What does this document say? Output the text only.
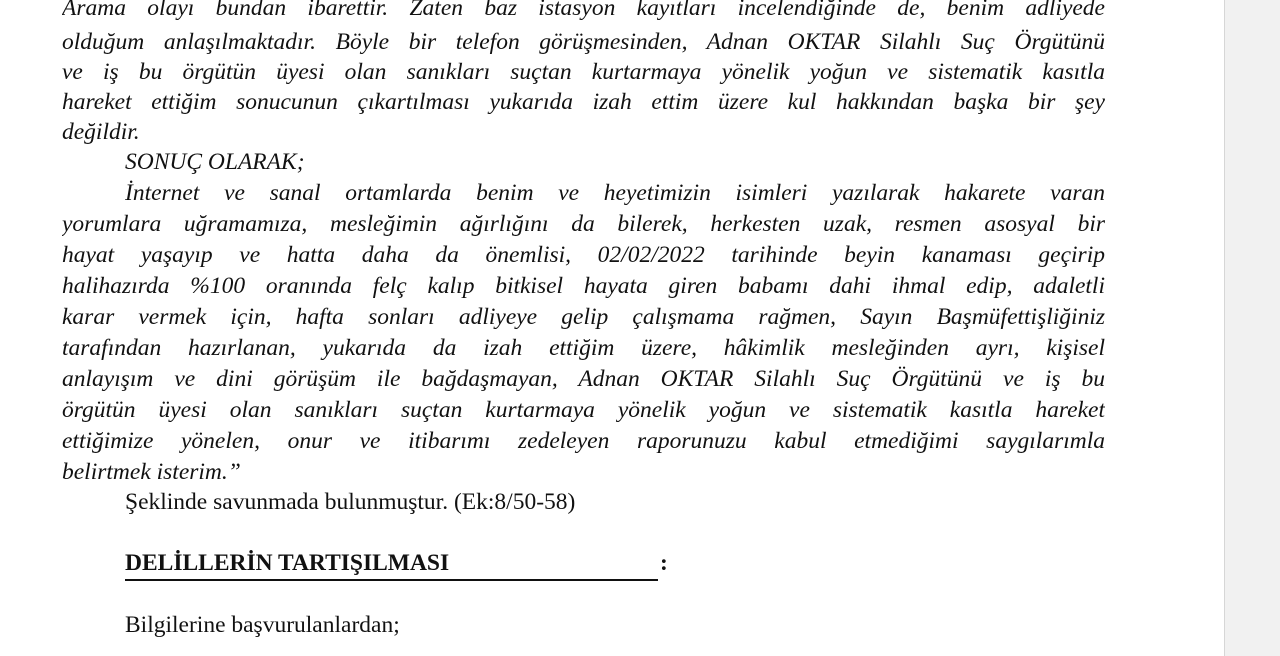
Arama olayı bundan ibarettir. Zaten baz istasyon kayıtları incelendiğinde de, benim adliyede
olduğum anlaşılmaktadır. Böyle bir telefon görüşmesinden, Adnan OKTAR Silahlı Suç Örgütünü
ve iş bu örgütün üyesi olan sanıkları suçtan kurtarmaya yönelik yoğun ve sistematik kasıtla
hareket ettiğim sonucunun çıkartılması yukarıda izah ettim üzere kul hakkından başka bir şey
değildir.
SONUÇ OLARAK;
İnternet ve sanal ortamlarda benim ve heyetimizin isimleri yazılarak hakarete varan
yorumlara uğramamıza, mesleğimin ağırlığını da bilerek, herkesten uzak, resmen asosyal bir
hayat yaşayıp ve hatta daha da önemlisi, 02/02/2022 tarihinde beyin kanaması geçirip
halihazırda %100 oranında felç kalıp bitkisel hayata giren babamı dahi ihmal edip, adaletli
karar vermek için, hafta sonları adliyeye gelip çalışmama rağmen, Sayın Başmüfettişliğiniz
tarafından hazırlanan, yukarıda da izah ettiğim üzere, hâkimlik mesleğinden ayrı, kişisel
anlayışım ve dini görüşüm ile bağdaşmayan, Adnan OKTAR Silahlı Suç Örgütünü ve iş bu
örgütün üyesi olan sanıkları suçtan kurtarmaya yönelik yoğun ve sistematik kasıtla hareket
ettiğimize yönelen, onur ve itibarımı zedeleyen raporunuzu kabul etmediğimi saygılarımla
belirtmek isterim.”
Şeklinde savunmada bulunmuştur. (Ek:8/50-58)
DELİLLERİN TARTIŞILMASI	:
Bilgilerine başvurulanlardan;
